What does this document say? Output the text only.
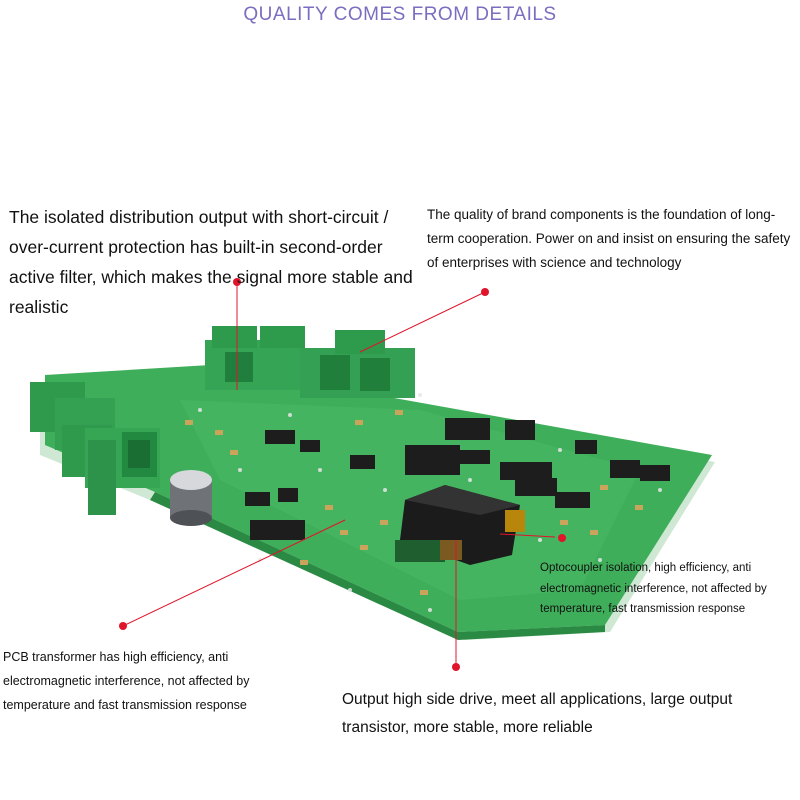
QUALITY COMES FROM DETAILS
The isolated distribution output with short-circuit / over-current protection has built-in second-order active filter, which makes the signal more stable and realistic
The quality of brand components is the foundation of long-term cooperation. Power on and insist on ensuring the safety of enterprises with science and technology
Optocoupler isolation, high efficiency, anti electromagnetic interference, not affected by temperature, fast transmission response
PCB transformer has high efficiency, anti electromagnetic interference, not affected by temperature and fast transmission response	Output high side drive, meet all applications, large output transistor, more stable, more reliable
